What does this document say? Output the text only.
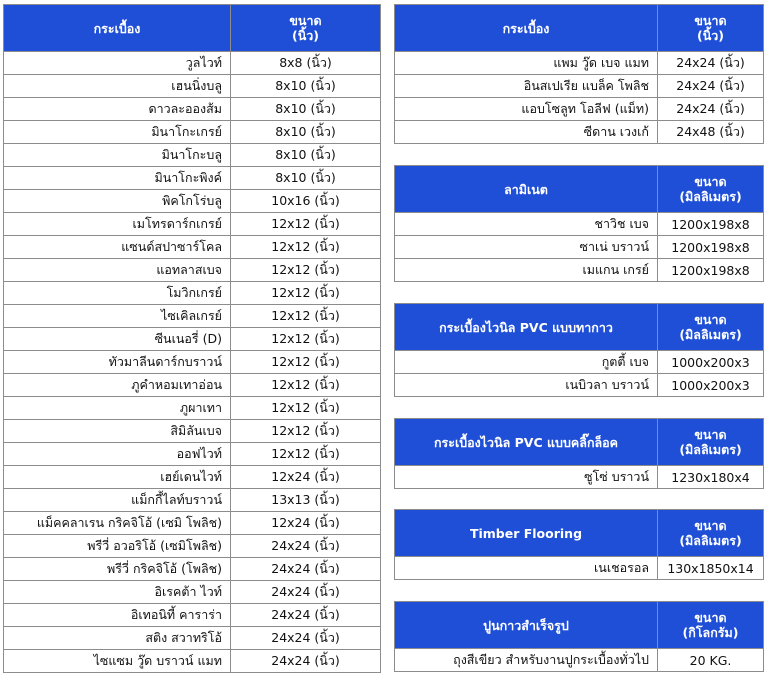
กระเบื้อง	ขนาด
(นิ้ว)

วูลไวท์	8x8 (นิ้ว)
เฮนนิ่งบลู	8x10 (นิ้ว)
ดาวละอองส้ม	8x10 (นิ้ว)
มินาโกะเกรย์	8x10 (นิ้ว)
มินาโกะบลู	8x10 (นิ้ว)
มินาโกะพิงค์	8x10 (นิ้ว)
พิคโกโร่บลู	10x16 (นิ้ว)
เมโทรดาร์กเกรย์	12x12 (นิ้ว)
แซนด์สปาซาร์โคล	12x12 (นิ้ว)
แอทลาสเบจ	12x12 (นิ้ว)
โมวิกเกรย์	12x12 (นิ้ว)
ไซเคิลเกรย์	12x12 (นิ้ว)
ซีนเนอรี่ (D)	12x12 (นิ้ว)
ทัวมาลีนดาร์กบราวน์	12x12 (นิ้ว)
ภูคำหอมเทาอ่อน	12x12 (นิ้ว)
ภูผาเทา	12x12 (นิ้ว)
สิมิลันเบจ	12x12 (นิ้ว)
ออฟไวท์	12x12 (นิ้ว)
เฮย์เดนไวท์	12x24 (นิ้ว)
แม็กกี้ไลท์บราวน์	13x13 (นิ้ว)
แม็คคลาเรน กริคจิโอ้ (เซมิ โพลิช)	12x24 (นิ้ว)
พรีวี่ อวอริโอ้ (เซมิโพลิช)	24x24 (นิ้ว)
พรีวี่ กริคจิโอ้ (โพลิช)	24x24 (นิ้ว)
อิเรคต้า ไวท์	24x24 (นิ้ว)
อิเทอนิที้ คาราร่า	24x24 (นิ้ว)
สติง สวาทริโอ้	24x24 (นิ้ว)
ไซแซม วู๊ด บราวน์ แมท	24x24 (นิ้ว)
กระเบื้อง	ขนาด
(นิ้ว)

แพม วู๊ด เบจ แมท	24x24 (นิ้ว)
อินสเปเรีย แบล็ค โพลิช	24x24 (นิ้ว)
แอบโซลูท โอลีฟ (แม็ท)	24x24 (นิ้ว)
ซีดาน เวงเก้	24x48 (นิ้ว)
ลามิเนต	ขนาด
(มิลลิเมตร)

ชาวิช เบจ	1200x198x8
ซาเน่ บราวน์	1200x198x8
เมแกน เกรย์	1200x198x8
กระเบื้องไวนิล PVC แบบทากาว	ขนาด
(มิลลิเมตร)

กูตตี้ เบจ	1000x200x3
เนบิวลา บราวน์	1000x200x3
กระเบื้องไวนิล PVC แบบคลิ๊กล็อค	ขนาด
(มิลลิเมตร)

ซูโซ่ บราวน์	1230x180x4
Timber Flooring	ขนาด
(มิลลิเมตร)

เนเชอรอล	130x1850x14
ปูนกาวสำเร็จรูป	ขนาด
(กิโลกรัม)

ถุงสีเขียว สำหรับงานปูกระเบื้องทั่วไป	20 KG.
